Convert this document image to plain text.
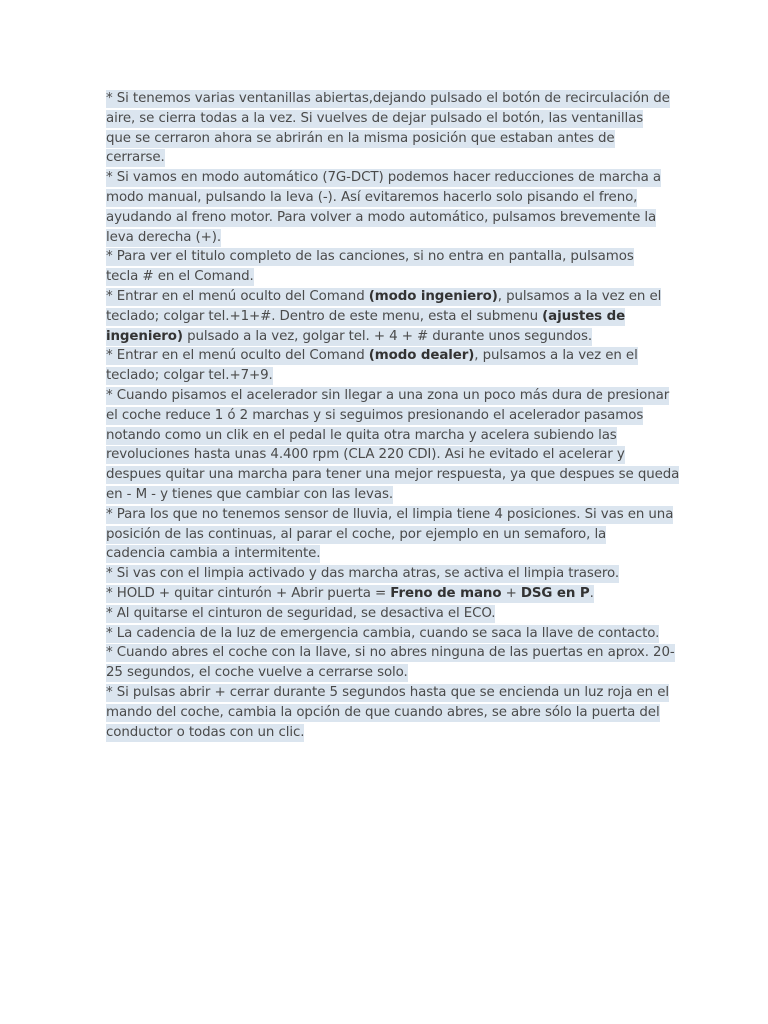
* Si tenemos varias ventanillas abiertas,dejando pulsado el botón de recirculación de
aire, se cierra todas a la vez. Si vuelves de dejar pulsado el botón, las ventanillas
que se cerraron ahora se abrirán en la misma posición que estaban antes de
cerrarse.
* Si vamos en modo automático (7G-DCT) podemos hacer reducciones de marcha a
modo manual, pulsando la leva (-). Así evitaremos hacerlo solo pisando el freno,
ayudando al freno motor. Para volver a modo automático, pulsamos brevemente la
leva derecha (+).
* Para ver el titulo completo de las canciones, si no entra en pantalla, pulsamos
tecla # en el Comand.
* Entrar en el menú oculto del Comand (modo ingeniero), pulsamos a la vez en el
teclado; colgar tel.+1+#. Dentro de este menu, esta el submenu (ajustes de
ingeniero) pulsado a la vez, golgar tel. + 4 + # durante unos segundos.
* Entrar en el menú oculto del Comand (modo dealer), pulsamos a la vez en el
teclado; colgar tel.+7+9.
* Cuando pisamos el acelerador sin llegar a una zona un poco más dura de presionar
el coche reduce 1 ó 2 marchas y si seguimos presionando el acelerador pasamos
notando como un clik en el pedal le quita otra marcha y acelera subiendo las
revoluciones hasta unas 4.400 rpm (CLA 220 CDI). Asi he evitado el acelerar y
despues quitar una marcha para tener una mejor respuesta, ya que despues se queda
en - M - y tienes que cambiar con las levas.
* Para los que no tenemos sensor de lluvia, el limpia tiene 4 posiciones. Si vas en una
posición de las continuas, al parar el coche, por ejemplo en un semaforo, la
cadencia cambia a intermitente.
* Si vas con el limpia activado y das marcha atras, se activa el limpia trasero.
* HOLD + quitar cinturón + Abrir puerta = Freno de mano + DSG en P.
* Al quitarse el cinturon de seguridad, se desactiva el ECO.
* La cadencia de la luz de emergencia cambia, cuando se saca la llave de contacto.
* Cuando abres el coche con la llave, si no abres ninguna de las puertas en aprox. 20-
25 segundos, el coche vuelve a cerrarse solo.
* Si pulsas abrir + cerrar durante 5 segundos hasta que se encienda un luz roja en el
mando del coche, cambia la opción de que cuando abres, se abre sólo la puerta del
conductor o todas con un clic.
